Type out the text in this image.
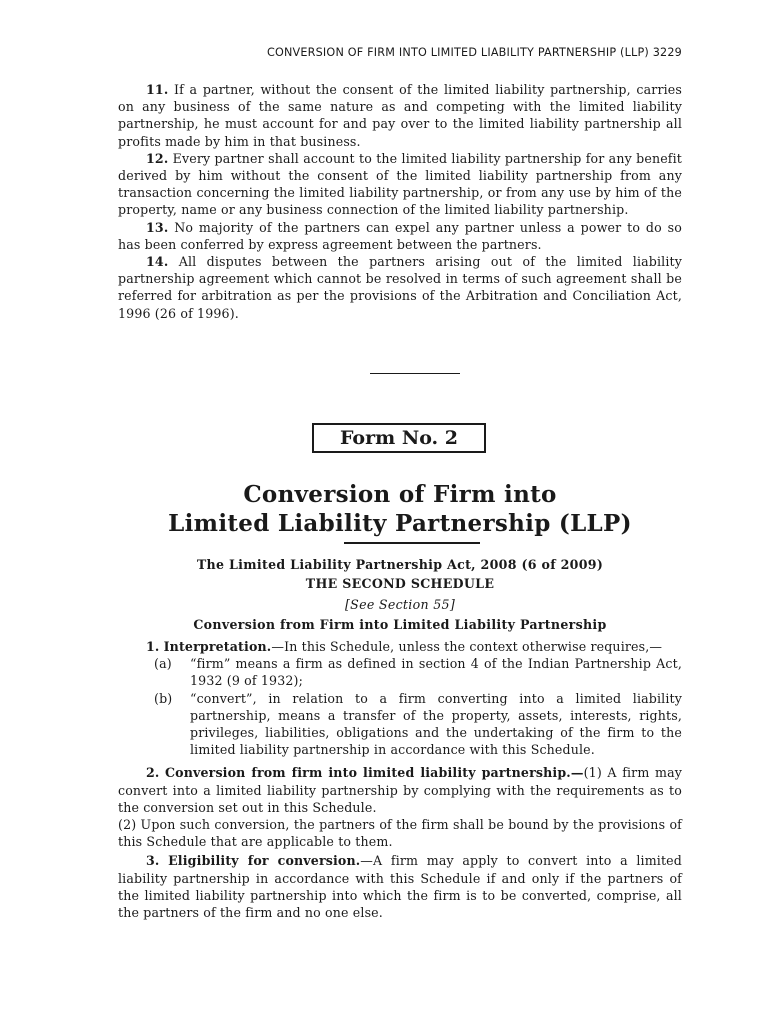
CONVERSION OF FIRM INTO LIMITED LIABILITY PARTNERSHIP (LLP) 3229

11. If a partner, without the consent of the limited liability partnership, carries on any business of the same nature as and competing with the limited liability partnership, he must account for and pay over to the limited liability partnership all profits made by him in that business.

12. Every partner shall account to the limited liability partnership for any benefit derived by him without the consent of the limited liability partnership from any transaction concerning the limited liability partnership, or from any use by him of the property, name or any business connection of the limited liability partnership.

13. No majority of the partners can expel any partner unless a power to do so has been conferred by express agreement between the partners.

14. All disputes between the partners arising out of the limited liability partnership agreement which cannot be resolved in terms of such agreement shall be referred for arbitration as per the provisions of the Arbitration and Conciliation Act, 1996 (26 of 1996).

Form No. 2
Conversion of Firm into
Limited Liability Partnership (LLP)
The Limited Liability Partnership Act, 2008 (6 of 2009)
THE SECOND SCHEDULE
[See Section 55]
Conversion from Firm into Limited Liability Partnership

1. Interpretation.—In this Schedule, unless the context otherwise requires,—

(a)	“firm” means a firm as defined in section 4 of the Indian Partnership Act, 1932 (9 of 1932);
(b)	“convert”, in relation to a firm converting into a limited liability partnership, means a transfer of the property, assets, interests, rights, privileges, liabilities, obligations and the undertaking of the firm to the limited liability partnership in accordance with this Schedule.

2. Conversion from firm into limited liability partnership.—(1) A firm may convert into a limited liability partnership by complying with the requirements as to the conversion set out in this Schedule.

(2) Upon such conversion, the partners of the firm shall be bound by the provisions of this Schedule that are applicable to them.

3. Eligibility for conversion.—A firm may apply to convert into a limited liability partnership in accordance with this Schedule if and only if the partners of the limited liability partnership into which the firm is to be converted, comprise, all the partners of the firm and no one else.
